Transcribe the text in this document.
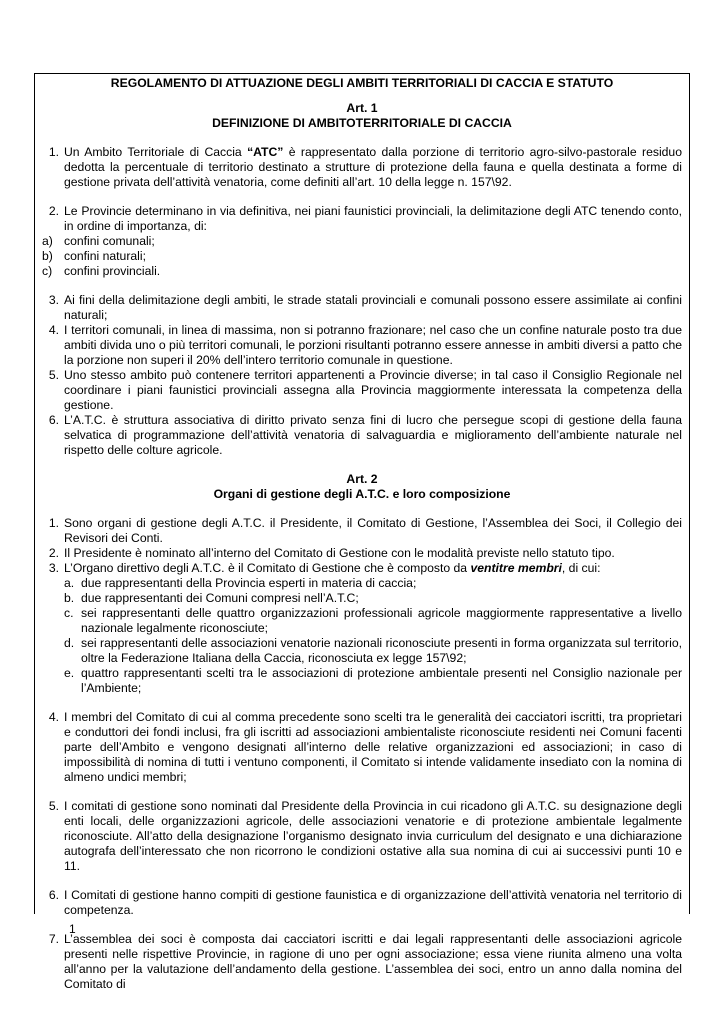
REGOLAMENTO DI ATTUAZIONE DEGLI AMBITI TERRITORIALI DI CACCIA E STATUTO

Art. 1

DEFINIZIONE DI AMBITOTERRITORIALE DI CACCIA

1. Un Ambito Territoriale di Caccia “ATC” è rappresentato dalla porzione di territorio agro-silvo-pastorale residuo dedotta la percentuale di territorio destinato a strutture di protezione della fauna e quella destinata a forme di gestione privata dell’attività venatoria, come definiti all’art. 10 della legge n. 157\92.
2. Le Provincie determinano in via definitiva, nei piani faunistici provinciali, la delimitazione degli ATC tenendo conto, in ordine di importanza, di:
a) confini comunali;
b) confini naturali;
c) confini provinciali.
3. Ai fini della delimitazione degli ambiti, le strade statali provinciali e comunali possono essere assimilate ai confini naturali;
4. I territori comunali, in linea di massima, non si potranno frazionare; nel caso che un confine naturale posto tra due ambiti divida uno o più territori comunali, le porzioni risultanti potranno essere annesse in ambiti diversi a patto che la porzione non superi il 20% dell’intero territorio comunale in questione.
5. Uno stesso ambito può contenere territori appartenenti a Provincie diverse; in tal caso il Consiglio Regionale nel coordinare i piani faunistici provinciali assegna alla Provincia maggiormente interessata la competenza della gestione.
6. L’A.T.C. è struttura associativa di diritto privato senza fini di lucro che persegue scopi di gestione della fauna selvatica di programmazione dell’attività venatoria di salvaguardia e miglioramento dell’ambiente naturale nel rispetto delle colture agricole.

Art. 2

Organi di gestione degli A.T.C. e loro composizione

1. Sono organi di gestione degli A.T.C. il Presidente, il Comitato di Gestione, l’Assemblea dei Soci, il Collegio dei Revisori dei Conti.
2. Il Presidente è nominato all’interno del Comitato di Gestione con le modalità previste nello statuto tipo.
3. L’Organo direttivo degli A.T.C. è il Comitato di Gestione che è composto da ventitre membri, di cui:
a. due rappresentanti della Provincia esperti in materia di caccia;
b. due rappresentanti dei Comuni compresi nell’A.T.C;
c. sei rappresentanti delle quattro organizzazioni professionali agricole maggiormente rappresentative a livello nazionale legalmente riconosciute;
d. sei rappresentanti delle associazioni venatorie nazionali riconosciute presenti in forma organizzata sul territorio, oltre la Federazione Italiana della Caccia, riconosciuta ex legge 157\92;
e. quattro rappresentanti scelti tra le associazioni di protezione ambientale presenti nel Consiglio nazionale per l’Ambiente;
4. I membri del Comitato di cui al comma precedente sono scelti tra le generalità dei cacciatori iscritti, tra proprietari e conduttori dei fondi inclusi, fra gli iscritti ad associazioni ambientaliste riconosciute residenti nei Comuni facenti parte dell’Ambito e vengono designati all’interno delle relative organizzazioni ed associazioni; in caso di impossibilità di nomina di tutti i ventuno componenti, il Comitato si intende validamente insediato con la nomina di almeno undici membri;
5. I comitati di gestione sono nominati dal Presidente della Provincia in cui ricadono gli A.T.C. su designazione degli enti locali, delle organizzazioni agricole, delle associazioni venatorie e di protezione ambientale legalmente riconosciute. All’atto della designazione l’organismo designato invia curriculum del designato e una dichiarazione autografa dell’interessato che non ricorrono le condizioni ostative alla sua nomina di cui ai successivi punti 10 e 11.
6. I Comitati di gestione hanno compiti di gestione faunistica e di organizzazione dell’attività venatoria nel territorio di competenza.
7. L’assemblea dei soci è composta dai cacciatori iscritti e dai legali rappresentanti delle associazioni agricole presenti nelle rispettive Provincie, in ragione di uno per ogni associazione; essa viene riunita almeno una volta all’anno per la valutazione dell’andamento della gestione. L’assemblea dei soci, entro un anno dalla nomina del Comitato di
1
